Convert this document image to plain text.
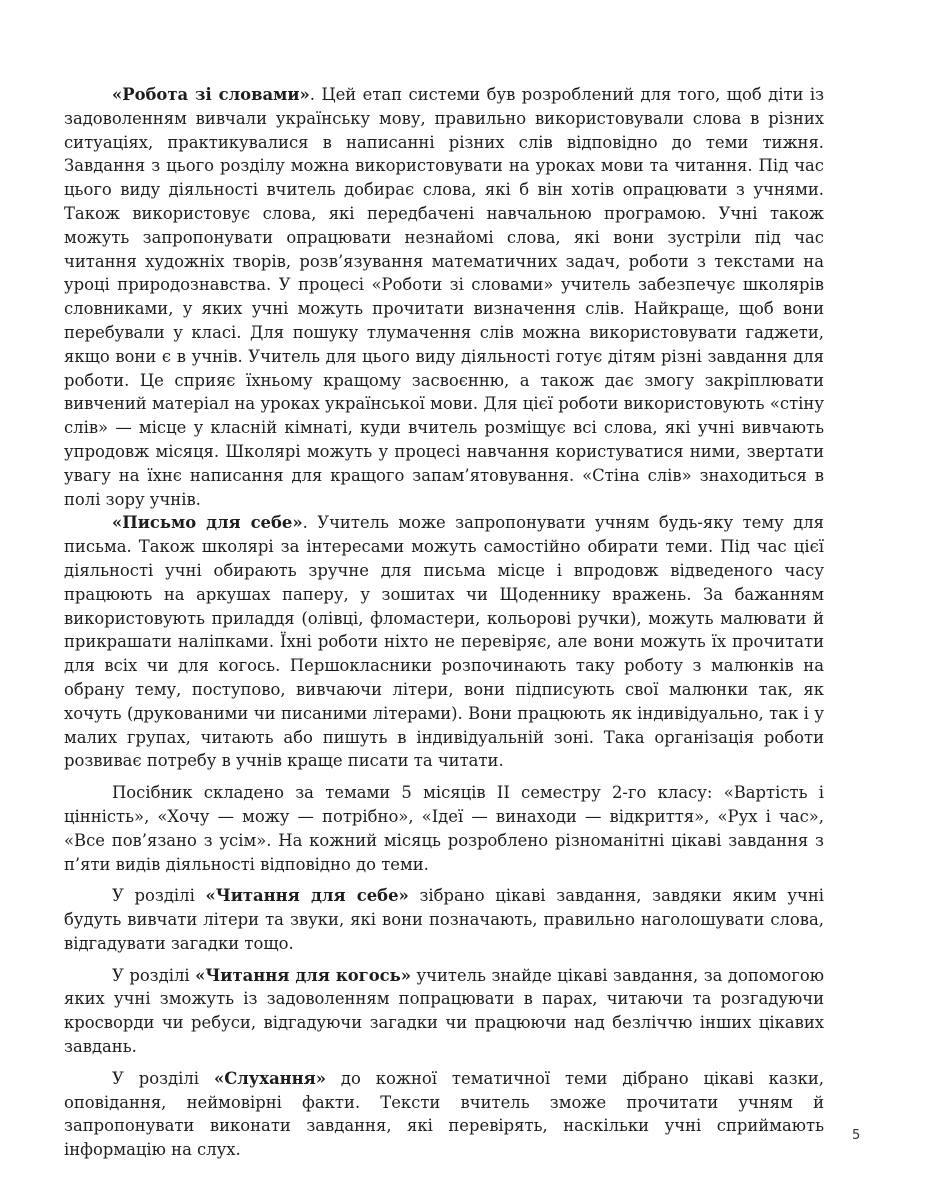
«Робота зі словами». Цей етап системи був розроблений для того, щоб діти із задоволенням вивчали українську мову, правильно використовували слова в різних ситуаціях, практикувалися в написанні різних слів відповідно до теми тижня. Завдання з цього розділу можна використовувати на уроках мови та читання. Під час цього виду діяльності вчитель добирає слова, які б він хотів опрацювати з учнями. Також використовує слова, які передбачені навчальною програмою. Учні також можуть запропонувати опрацювати незнайомі слова, які вони зустріли під час читання художніх творів, розв’язування математичних задач, роботи з текстами на уроці природознавства. У процесі «Роботи зі словами» учитель забезпечує школярів словниками, у яких учні можуть прочитати визначення слів. Найкраще, щоб вони перебували у класі. Для пошуку тлумачення слів можна використовувати гаджети, якщо вони є в учнів. Учитель для цього виду діяльності готує дітям різні завдання для роботи. Це сприяє їхньому кращому засвоєнню, а також дає змогу закріплювати вивчений матеріал на уроках української мови. Для цієї роботи використовують «стіну слів» — місце у класній кімнаті, куди вчитель розміщує всі слова, які учні вивчають упродовж місяця. Школярі можуть у процесі навчання користуватися ними, звертати увагу на їхнє написання для кращого запам’ятовування. «Стіна слів» знаходиться в полі зору учнів.

«Письмо для себе». Учитель може запропонувати учням будь-яку тему для письма. Також школярі за інтересами можуть самостійно обирати теми. Під час цієї діяльності учні обирають зручне для письма місце і впродовж відведеного часу працюють на аркушах паперу, у зошитах чи Щоденнику вражень. За бажанням використовують приладдя (олівці, фломастери, кольорові ручки), можуть малювати й прикрашати наліпками. Їхні роботи ніхто не перевіряє, але вони можуть їх прочитати для всіх чи для когось. Першокласники розпочинають таку роботу з малюнків на обрану тему, поступово, вивчаючи літери, вони підписують свої малюнки так, як хочуть (друкованими чи писаними літерами). Вони працюють як індивідуально, так і у малих групах, читають або пишуть в індивідуальній зоні. Така організація роботи розвиває потребу в учнів краще писати та читати.

Посібник складено за темами 5 місяців ІІ семестру 2-го класу: «Вартість і цінність», «Хочу — можу — потрібно», «Ідеї — винаходи — відкриття», «Рух і час», «Все пов’язано з усім». На кожний місяць розроблено різноманітні цікаві завдання з п’яти видів діяльності відповідно до теми.

У розділі «Читання для себе» зібрано цікаві завдання, завдяки яким учні будуть вивчати літери та звуки, які вони позначають, правильно наголошувати слова, відгадувати загадки тощо.

У розділі «Читання для когось» учитель знайде цікаві завдання, за допомогою яких учні зможуть із задоволенням попрацювати в парах, читаючи та розгадуючи кросворди чи ребуси, відгадуючи загадки чи працюючи над безліччю інших цікавих завдань.

У розділі «Слухання» до кожної тематичної теми дібрано цікаві казки, оповідання, неймовірні факти. Тексти вчитель зможе прочитати учням й запропонувати виконати завдання, які перевірять, наскільки учні сприймають інформацію на слух.

5
